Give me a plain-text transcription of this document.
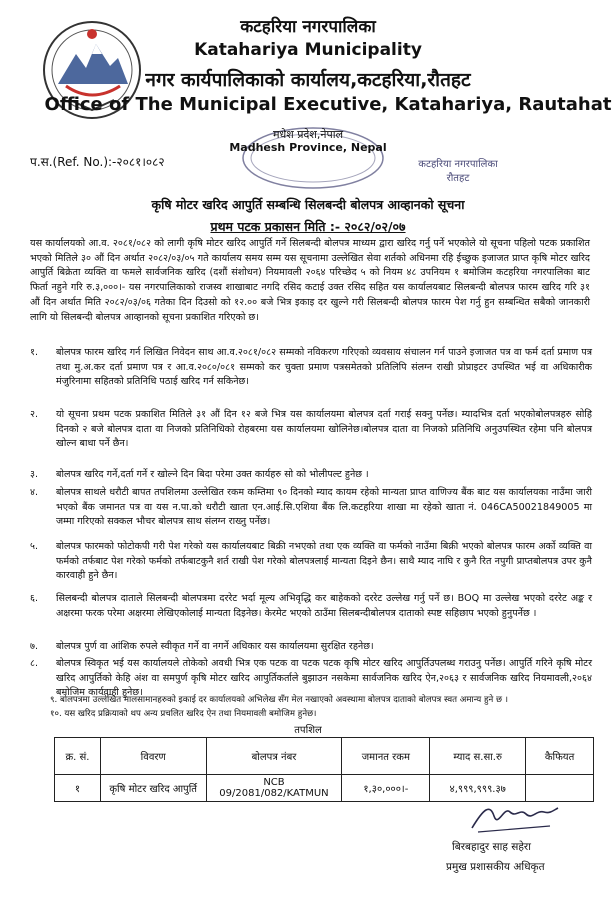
कटहरिया नगरपालिका
Katahariya Municipality
नगर कार्यपालिकाको कार्यालय,कटहरिया,रौतहट
Office of The Municipal Executive, Katahariya, Rautahat
मधेश प्रदेश,नेपाल
Madhesh Province, Nepal
कटहरिया नगरपालिका
रौतहट
प.स.(Ref. No.):-२०८१।०८२
कृषि मोटर खरिद आपुर्ति सम्बन्धि सिलबन्दी बोलपत्र आव्हानको सूचना
प्रथम पटक प्रकासन मिति :- २०८२/०२/०७
यस कार्यालयको आ.व. २०८१/०८२ को लागी कृषि मोटर खरिद आपुर्ति गर्ने सिलबन्दी बोलपत्र माध्यम द्वारा खरिद गर्नु पर्ने भएकोले यो सूचना पहिलो पटक प्रकाशित भएको मितिले ३० औं दिन अर्थात २०८२/०३/०५ गते कार्यालय समय सम्म यस सूचनामा उल्लेखित सेवा शर्तको अधिनमा रहि ईच्छुक इजाजत प्राप्त कृषि मोटर खरिद आपुर्ति बिक्रेता व्यक्ति वा फमले सार्वजनिक खरिद (दशौं संशोधन) नियमावली २०६४ परिच्छेद ५ को नियम ४८ उपनियम १ बमोजिम कटहरिया नगरपालिका बाट फिर्ता नहुने गरि रु.३,०००।- यस नगरपालिकाको राजस्व शाखाबाट नगदि रसिद कटाई उक्त रसिद सहित यस कार्यालयबाट सिलबन्दी बोलपत्र फारम खरिद गरि ३१ औं दिन अर्थात मिति २०८२/०३/०६ गतेका दिन दिउसो को १२.०० बजे भित्र इकाइ दर खुल्ने गरी सिलबन्दी बोलपत्र फारम पेश गर्नु हुन सम्बन्धित सबैको जानकारी लागि यो सिलबन्दी बोलपत्र आव्हानको सूचना प्रकाशित गरिएको छ।
१.	बोलपत्र फारम खरिद गर्न लिखित निवेदन साथ आ.व.२०८१/०८२ सम्मको नविकरण गरिएको व्यवसाय संचालन गर्न पाउने इजाजत पत्र वा फर्म दर्ता प्रमाण पत्र तथा मु.अ.कर दर्ता प्रमाण पत्र र आ.व.२०८०/०८१ सम्मको कर चुक्ता प्रमाण पत्रसमेतको प्रतिलिपि संलग्न राखी प्रोप्राइटर उपस्थित भई वा अधिकारीक मंजुरिनामा सहितको प्रतिनिधि पठाई खरिद गर्न सकिनेछ।
२.	यो सूचना प्रथम पटक प्रकाशित मितिले ३१ औं दिन १२ बजे भित्र यस कार्यालयमा बोलपत्र दर्ता गराई सक्नु पर्नेछ। म्यादभित्र दर्ता भएकोबोलपत्रहरु सोहि दिनको २ बजे बोलपत्र दाता वा निजको प्रतिनिधिको रोहबरमा यस कार्यालयमा खोलिनेछ।बोलपत्र दाता वा निजको प्रतिनिधि अनुउपस्थित रहेमा पनि बोलपत्र खोल्न बाधा पर्ने छैन।
३.	बोलपत्र खरिद गर्ने,दर्ता गर्ने र खोल्ने दिन बिदा परेमा उक्त कार्यहरु सो को भोलीपल्ट हुनेछ ।
४.	बोलपत्र साथले धरौटी बापत तपशिलमा उल्लेखित रकम कम्तिमा ९० दिनको म्याद कायम रहेको मान्यता प्राप्त वाणिज्य बैंक बाट यस कार्यालयका नाउँमा जारी भएको बैंक जमानत पत्र वा यस न.पा.को धरौटी खाता एन.आई.सि.एशिया बैंक लि.कटहरिया शाखा मा रहेको खाता नं. 046CA50021849005 मा जम्मा गरिएको सक्कल भौचर बोलपत्र साथ संलग्न राख्नु पर्नेछ।
५.	बोलपत्र फारमको फोटोकपी गरी पेश गरेको यस कार्यालयबाट बिक्री नभएको तथा एक व्यक्ति वा फर्मको नाउँमा बिक्री भएको बोलपत्र फारम अर्को व्यक्ति वा फर्मको तर्फबाट पेश गरेको फर्मको तर्फबाटकुनै शर्त राखी पेश गरेको बोलपत्रलाई मान्यता दिइने छैन। साथै म्याद नाघि र कुनै रित नपुगी प्राप्तबोलपत्र उपर कुनै कारवाही हुने छैन।
६.	सिलबन्दी बोलपत्र दाताले सिलबन्दी बोलपत्रमा दररेट भर्दा मूल्य अभिवृद्धि कर बाहेकको दररेट उल्लेख गर्नु पर्ने छ। BOQ मा उल्लेख भएको दररेट अङ्क र अक्षरमा फरक परेमा अक्षरमा लेखिएकोलाई मान्यता दिइनेछ। केरमेट भएको ठाउँमा सिलबन्दीबोलपत्र दाताको स्पष्ट सहिछाप भएको हुनुपर्नेछ ।
७.	बोलपत्र पुर्ण वा आंशिक रुपले स्वीकृत गर्ने वा नगर्ने अधिकार यस कार्यालयमा सुरक्षित रहनेछ।
८.	बोलपत्र स्विकृत भई यस कार्यालयले तोकेको अवधी भित्र एक पटक वा पटक पटक कृषि मोटर खरिद आपुर्तिउपलब्ध गराउनु पर्नेछ। आपुर्ति गरिने कृषि मोटर खरिद आपुर्तिको केहि अंश वा समपुर्ण कृषि मोटर खरिद आपुर्तिकर्ताले बुझाउन नसकेमा सार्वजनिक खरिद ऐन,२०६३ र सार्वजनिक खरिद नियमावली,२०६४ बमोजिम कार्यवाही हुनेछ।
९. बोलपत्रमा उल्लेखित मालसामानहरुको इकाई दर कार्यालयको अभिलेख सँग मेल नखाएको अवस्थामा बोलपत्र दाताको बोलपत्र स्वत अमान्य हुने छ ।
१०. यस खरिद प्रक्रियाको थप अन्य प्रचलित खरिद ऐन तथा नियमावली बमोजिम हुनेछ।
तपशिल
क्र. सं.	विवरण	बोलपत्र नंबर	जमानत रकम	म्याद स.सा.रु	कैफियत
१	कृषि मोटर खरिद आपुर्ति	NCB 09/2081/082/KATMUN	१,३०,०००।-	४,९९९,९९९.३७	
बिरबहादुर साह सहेरा
प्रमुख प्रशासकीय अधिकृत
